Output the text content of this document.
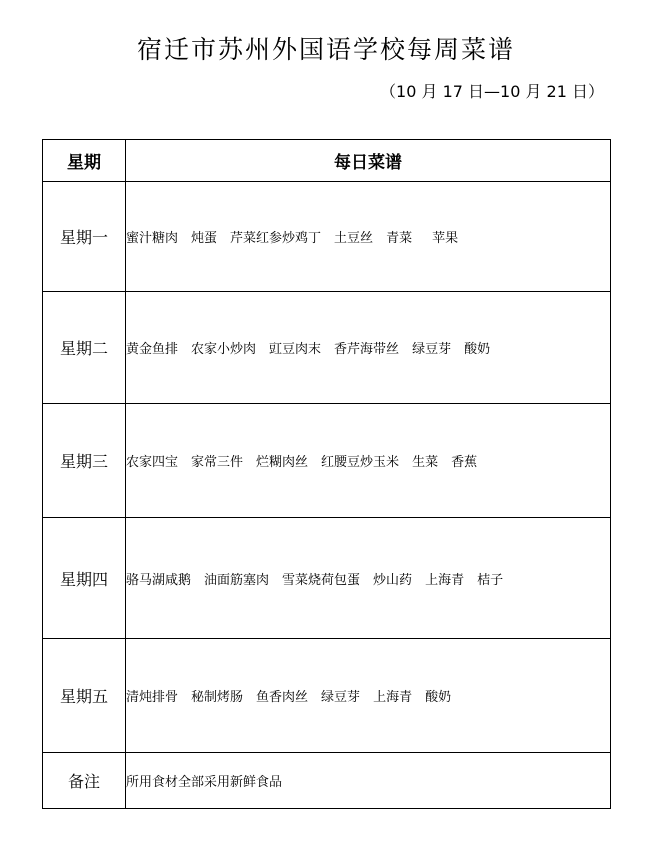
宿迁市苏州外国语学校每周菜谱
（10 月 17 日—10 月 21 日）
星期	每日菜谱
星期一	蜜汁糖肉 炖蛋 芹菜红参炒鸡丁 土豆丝 青菜 苹果
星期二	黄金鱼排 农家小炒肉 豇豆肉末 香芹海带丝 绿豆芽 酸奶
星期三	农家四宝 家常三件 烂糊肉丝 红腰豆炒玉米 生菜 香蕉
星期四	骆马湖咸鹅 油面筋塞肉 雪菜烧荷包蛋 炒山药 上海青 桔子
星期五	清炖排骨 秘制烤肠 鱼香肉丝 绿豆芽 上海青 酸奶
备注	所用食材全部采用新鲜食品
